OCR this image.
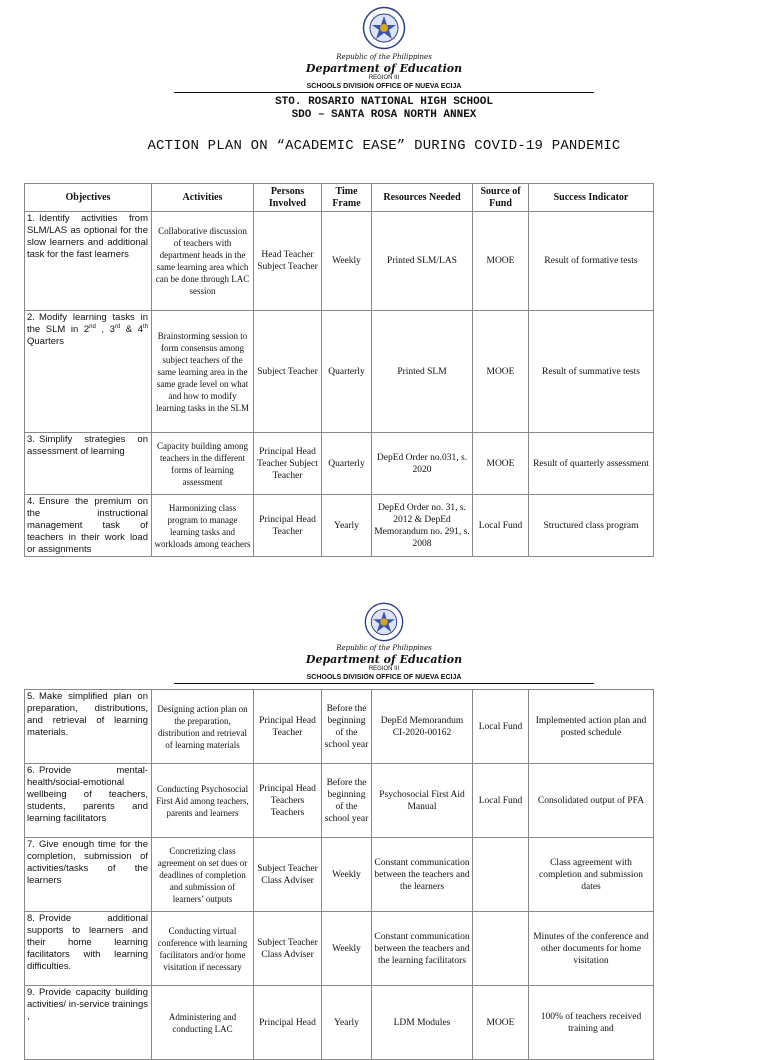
Republic of the Philippines
Department of Education
REGION III
SCHOOLS DIVISION OFFICE OF NUEVA ECIJA
STO. ROSARIO NATIONAL HIGH SCHOOL
SDO – SANTA ROSA NORTH ANNEX
ACTION PLAN ON “ACADEMIC EASE” DURING COVID-19 PANDEMIC
Objectives	Activities	Persons Involved	Time Frame	Resources Needed	Source of Fund	Success Indicator
1. Identify activities from SLM/LAS as optional for the slow learners and additional task for the fast learners	Collaborative discussion of teachers with department heads in the same learning area which can be done through LAC session	Head Teacher Subject Teacher	Weekly	Printed SLM/LAS	MOOE	Result of formative tests
2. Modify learning tasks in the SLM in 2nd , 3rd & 4th Quarters	Brainstorming session to form consensus among subject teachers of the same learning area in the same grade level on what and how to modify learning tasks in the SLM	Subject Teacher	Quarterly	Printed SLM	MOOE	Result of summative tests
3. Simplify strategies on assessment of learning	Capacity building among teachers in the different forms of learning assessment	Principal Head Teacher Subject Teacher	Quarterly	DepEd Order no.031, s. 2020	MOOE	Result of quarterly assessment
4. Ensure the premium on the instructional management task of teachers in their work load or assignments	Harmonizing class program to manage learning tasks and workloads among teachers	Principal Head Teacher	Yearly	DepEd Order no. 31, s. 2012 & DepEd Memorandum no. 291, s. 2008	Local Fund	Structured class program
Republic of the Philippines
Department of Education
REGION III
SCHOOLS DIVISION OFFICE OF NUEVA ECIJA
5. Make simplified plan on preparation, distributions, and retrieval of learning materials.	Designing action plan on the preparation, distribution and retrieval of learning materials	Principal Head Teacher	Before the beginning of the school year	DepEd Memorandum CI-2020-00162	Local Fund	Implemented action plan and posted schedule
6. Provide mental-health/social-emotional wellbeing of teachers, students, parents and learning facilitators	Conducting Psychosocial First Aid among teachers, parents and learners	Principal Head Teachers Teachers	Before the beginning of the school year	Psychosocial First Aid Manual	Local Fund	Consolidated output of PFA
7. Give enough time for the completion, submission of activities/tasks of the learners	Concretizing class agreement on set dues or deadlines of completion and submission of learners’ outputs	Subject Teacher Class Adviser	Weekly	Constant communication between the teachers and the learners		Class agreement with completion and submission dates
8. Provide additional supports to learners and their home learning facilitators with learning difficulties.	Conducting virtual conference with learning facilitators and/or home visitation if necessary	Subject Teacher Class Adviser	Weekly	Constant communication between the teachers and the learning facilitators		Minutes of the conference and other documents for home visitation
9. Provide capacity building activities/ in-service trainings ,	Administering and conducting LAC	Principal Head	Yearly	LDM Modules	MOOE	100% of teachers received training and
